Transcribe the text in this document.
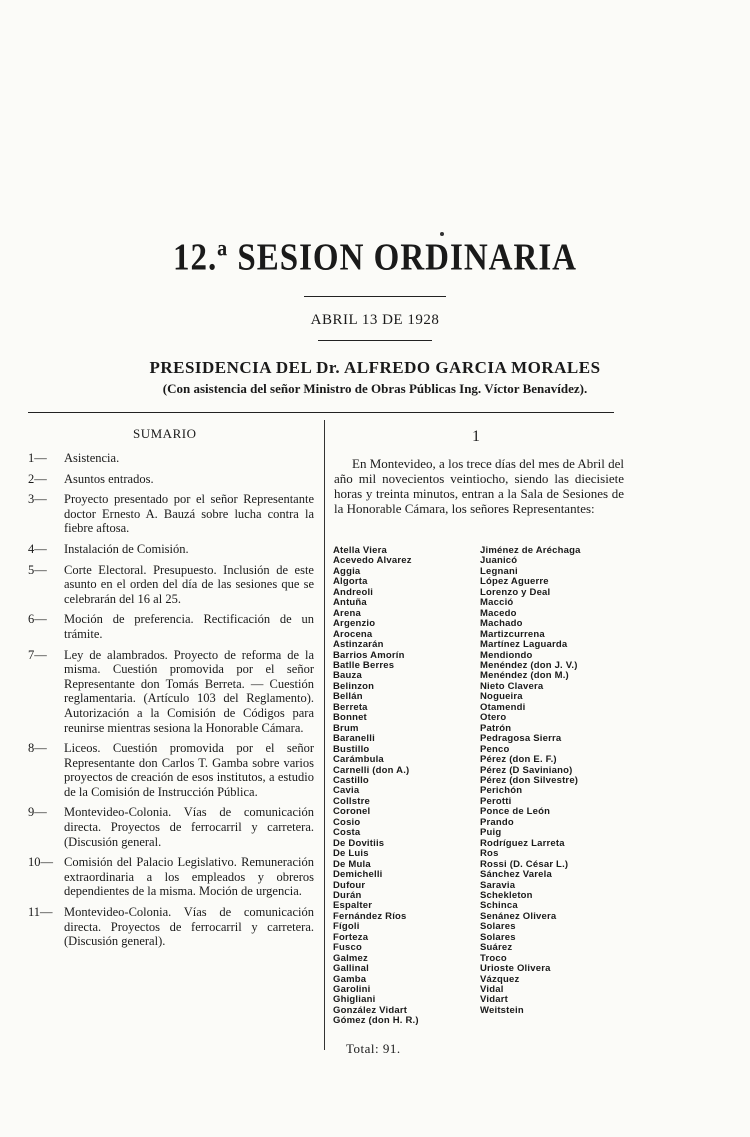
12.ª SESION ORDINARIA
ABRIL 13 DE 1928
PRESIDENCIA DEL Dr. ALFREDO GARCIA MORALES
(Con asistencia del señor Ministro de Obras Públicas Ing. Víctor Benavídez).
SUMARIO
1— Asistencia.
2— Asuntos entrados.
3— Proyecto presentado por el señor Representante doctor Ernesto A. Bauzá sobre lucha contra la fiebre aftosa.
4— Instalación de Comisión.
5— Corte Electoral. Presupuesto. Inclusión de este asunto en el orden del día de las sesiones que se celebrarán del 16 al 25.
6— Moción de preferencia. Rectificación de un trámite.
7— Ley de alambrados. Proyecto de reforma de la misma. Cuestión promovida por el señor Representante don Tomás Berreta. — Cuestión reglamentaria. (Artículo 103 del Reglamento). Autorización a la Comisión de Códigos para reunirse mientras sesiona la Honorable Cámara.
8— Liceos. Cuestión promovida por el señor Representante don Carlos T. Gamba sobre varios proyectos de creación de esos institutos, a estudio de la Comisión de Instrucción Pública.
9— Montevideo-Colonia. Vías de comunicación directa. Proyectos de ferrocarril y carretera. (Discusión general.
10— Comisión del Palacio Legislativo. Remuneración extraordinaria a los empleados y obreros dependientes de la misma. Moción de urgencia.
11— Montevideo-Colonia. Vías de comunicación directa. Proyectos de ferrocarril y carretera. (Discusión general).
1

En Montevideo, a los trece días del mes de Abril del año mil novecientos veintiocho, siendo las diecisiete horas y treinta minutos, entran a la Sala de Sesiones de la Honorable Cámara, los señores Representantes:

Atella Viera
Acevedo Alvarez
Aggia
Algorta
Andreoli
Antuña
Arena
Argenzio
Arocena
Astinzarán
Barrios Amorín
Batlle Berres
Bauza
Belinzon
Bellán
Berreta
Bonnet
Brum
Baranelli
Bustillo
Carámbula
Carnelli (don A.)
Castillo
Cavia
Collstre
Coronel
Cosio
Costa
De Dovitiis
De Luis
De Mula
Demichelli
Dufour
Durán
Espalter
Fernández Ríos
Fígoli
Forteza
Fusco
Galmez
Gallinal
Gamba
Garolini
Ghigliani
González Vidart
Gómez (don H. R.)
Jiménez de Aréchaga
Juanicó
Legnani
López Aguerre
Lorenzo y Deal
Macció
Macedo
Machado
Martizcurrena
Martínez Laguarda
Mendiondo
Menéndez (don J. V.)
Menéndez (don M.)
Nieto Clavera
Nogueira
Otamendi
Otero
Patrón
Pedragosa Sierra
Penco
Pérez (don E. F.)
Pérez (D Saviniano)
Pérez (don Silvestre)
Perichón
Perotti
Ponce de León
Prando
Puig
Rodríguez Larreta
Ros
Rossi (D. César L.)
Sánchez Varela
Saravia
Schekleton
Schinca
Senánez Olivera
Solares
Solares
Suárez
Troco
Urioste Olivera
Vázquez
Vidal
Vidart
Weitstein
Total: 91.
